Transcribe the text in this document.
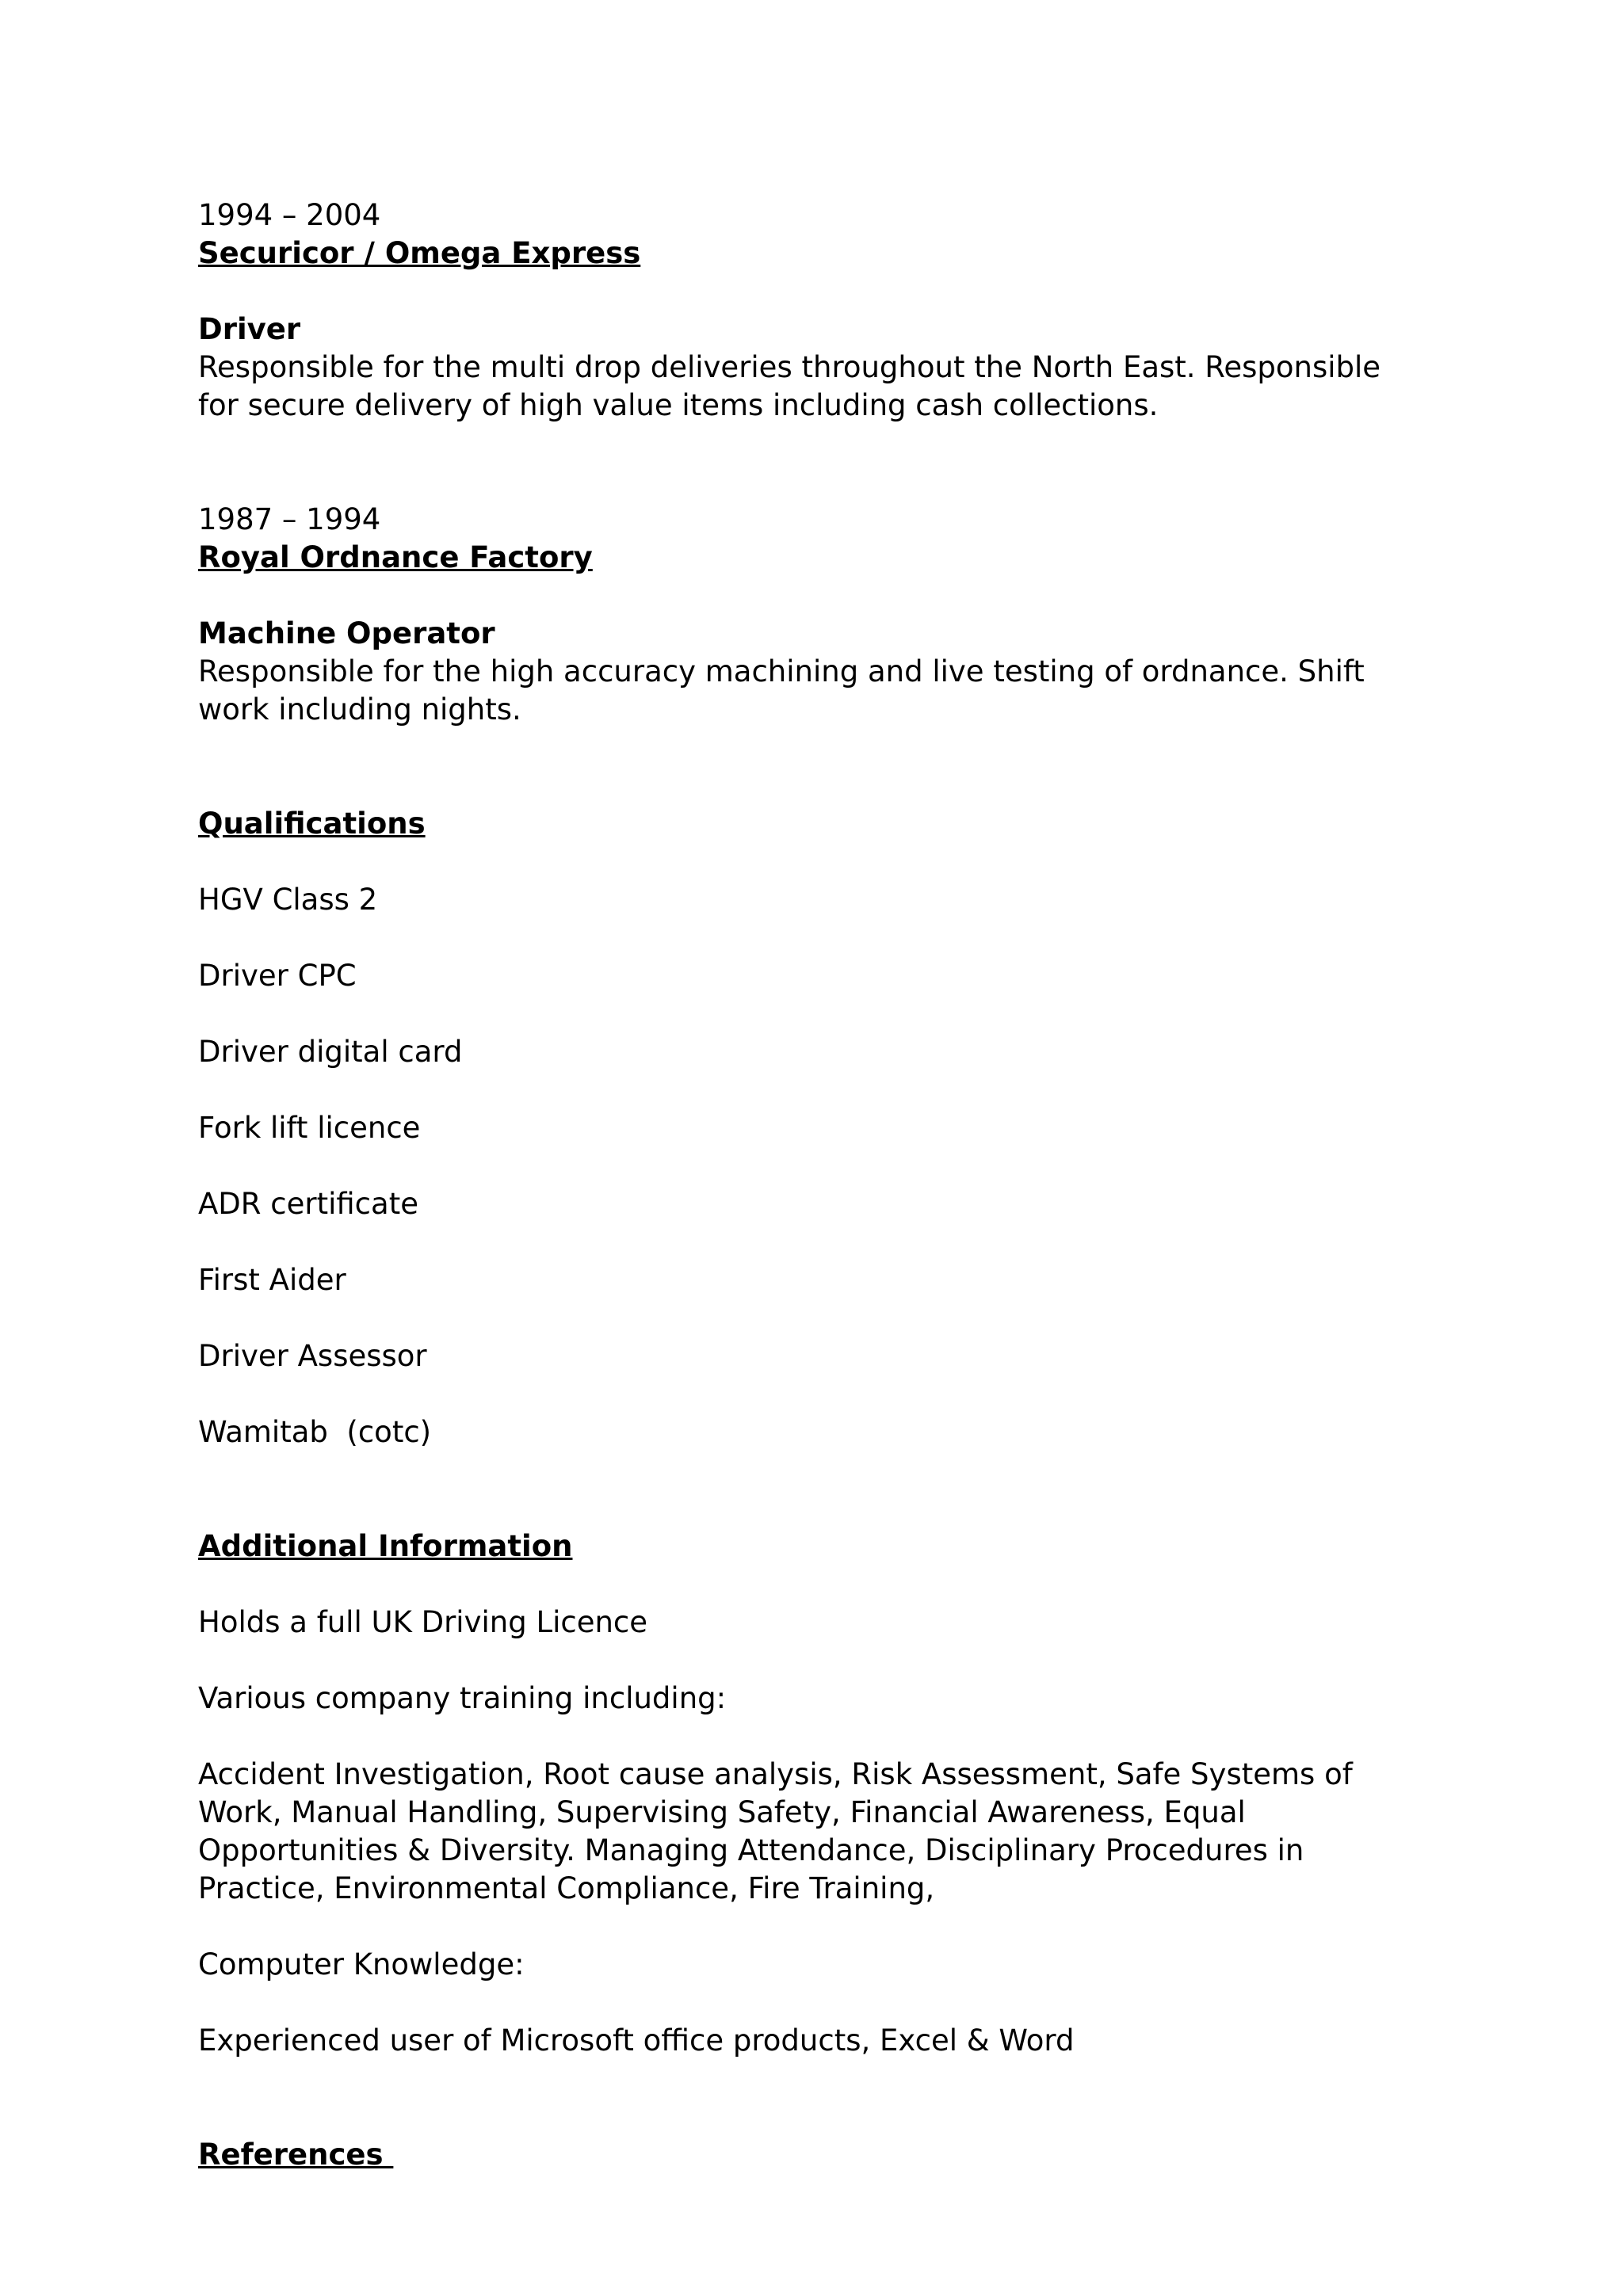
1994 – 2004

Securicor / Omega Express

Driver

Responsible for the multi drop deliveries throughout the North East. Responsible for secure delivery of high value items including cash collections.

1987 – 1994

Royal Ordnance Factory

Machine Operator

Responsible for the high accuracy machining and live testing of ordnance. Shift work including nights.

Qualifications

HGV Class 2

Driver CPC

Driver digital card

Fork lift licence

ADR certificate

First Aider

Driver Assessor

Wamitab  (cotc)

Additional Information

Holds a full UK Driving Licence

Various company training including:

Accident Investigation, Root cause analysis, Risk Assessment, Safe Systems of Work, Manual Handling, Supervising Safety, Financial Awareness, Equal Opportunities & Diversity. Managing Attendance, Disciplinary Procedures in Practice, Environmental Compliance, Fire Training,

Computer Knowledge:

Experienced user of Microsoft office products, Excel & Word

References
